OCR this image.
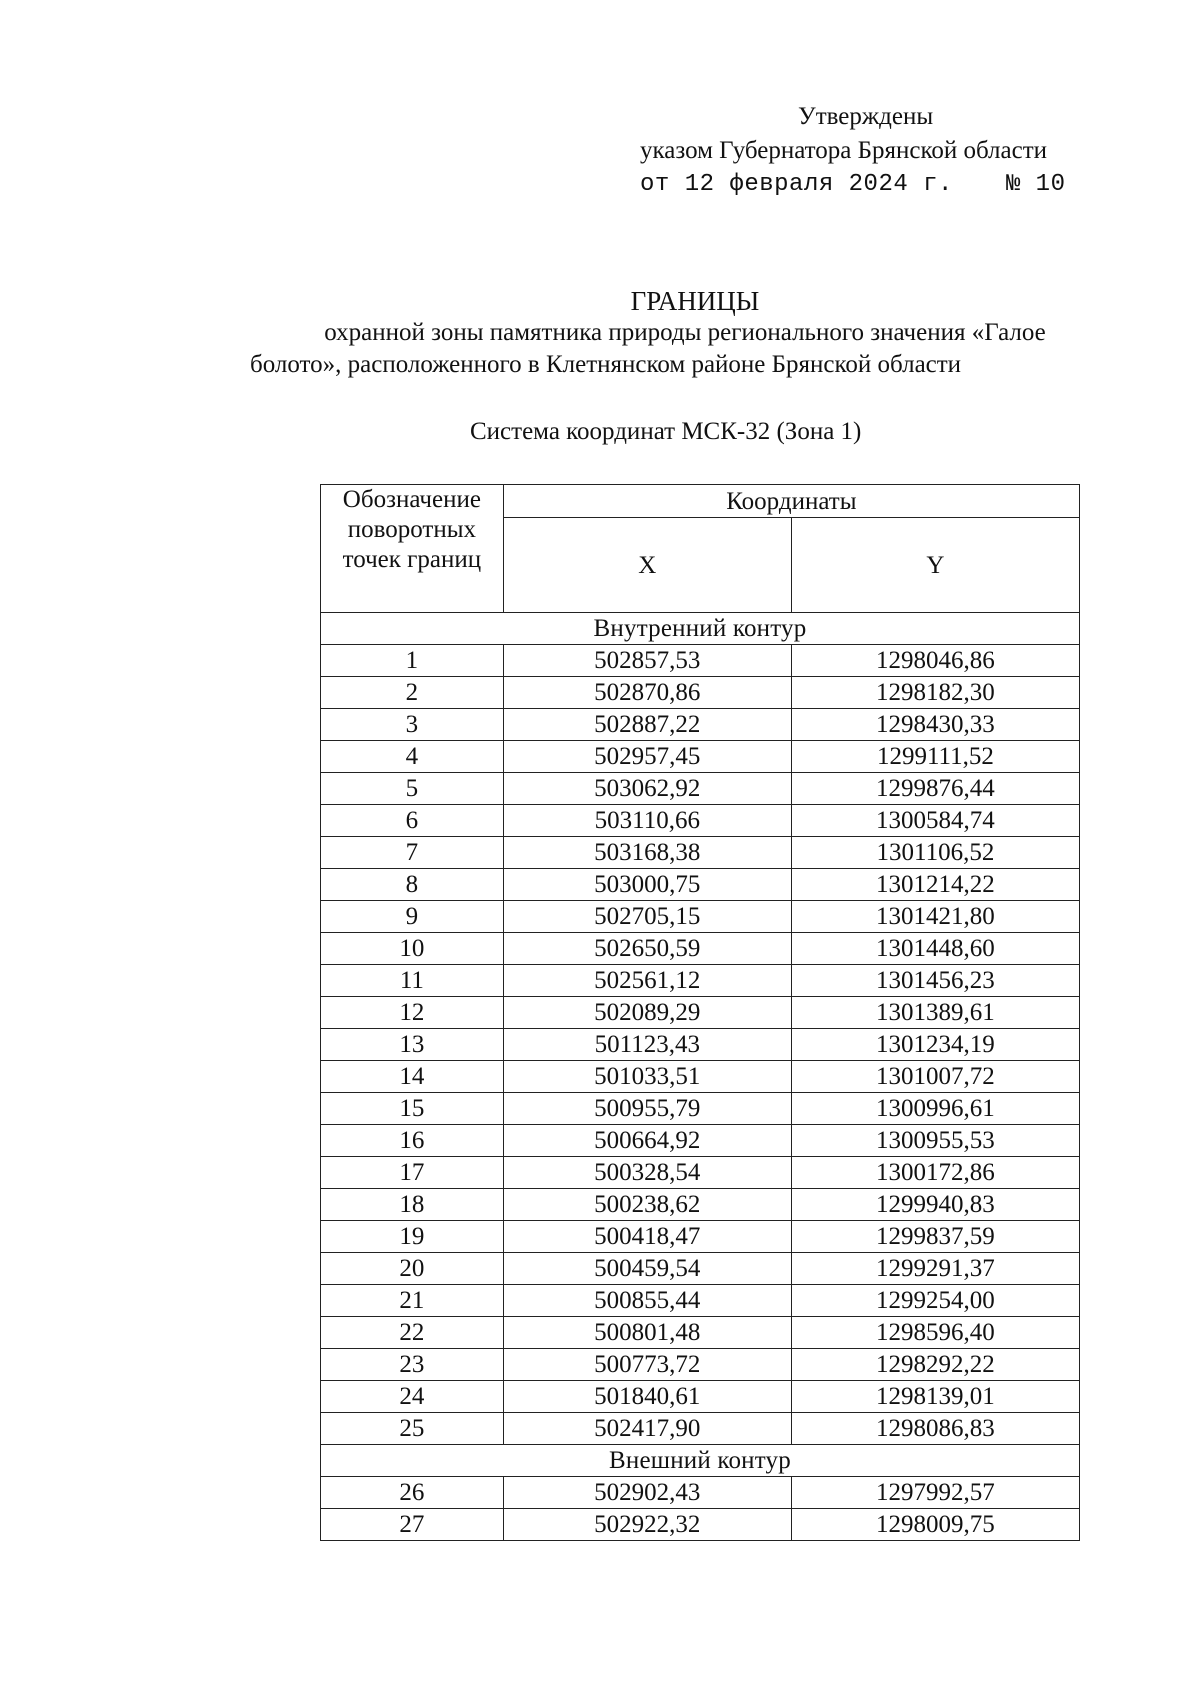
Утверждены
указом Губернатора Брянской области
от 12 февраля 2024 г. № 10
ГРАНИЦЫ
охранной зоны памятника природы регионального значения «Галое
болото», расположенного в Клетнянском районе Брянской области
Система координат МСК-32 (Зона 1)
Обозначение поворотных точек границ	Координаты	
	X	Y
Внутренний контур		
1	502857,53	1298046,86
2	502870,86	1298182,30
3	502887,22	1298430,33
4	502957,45	1299111,52
5	503062,92	1299876,44
6	503110,66	1300584,74
7	503168,38	1301106,52
8	503000,75	1301214,22
9	502705,15	1301421,80
10	502650,59	1301448,60
11	502561,12	1301456,23
12	502089,29	1301389,61
13	501123,43	1301234,19
14	501033,51	1301007,72
15	500955,79	1300996,61
16	500664,92	1300955,53
17	500328,54	1300172,86
18	500238,62	1299940,83
19	500418,47	1299837,59
20	500459,54	1299291,37
21	500855,44	1299254,00
22	500801,48	1298596,40
23	500773,72	1298292,22
24	501840,61	1298139,01
25	502417,90	1298086,83
Внешний контур		
26	502902,43	1297992,57
27	502922,32	1298009,75
